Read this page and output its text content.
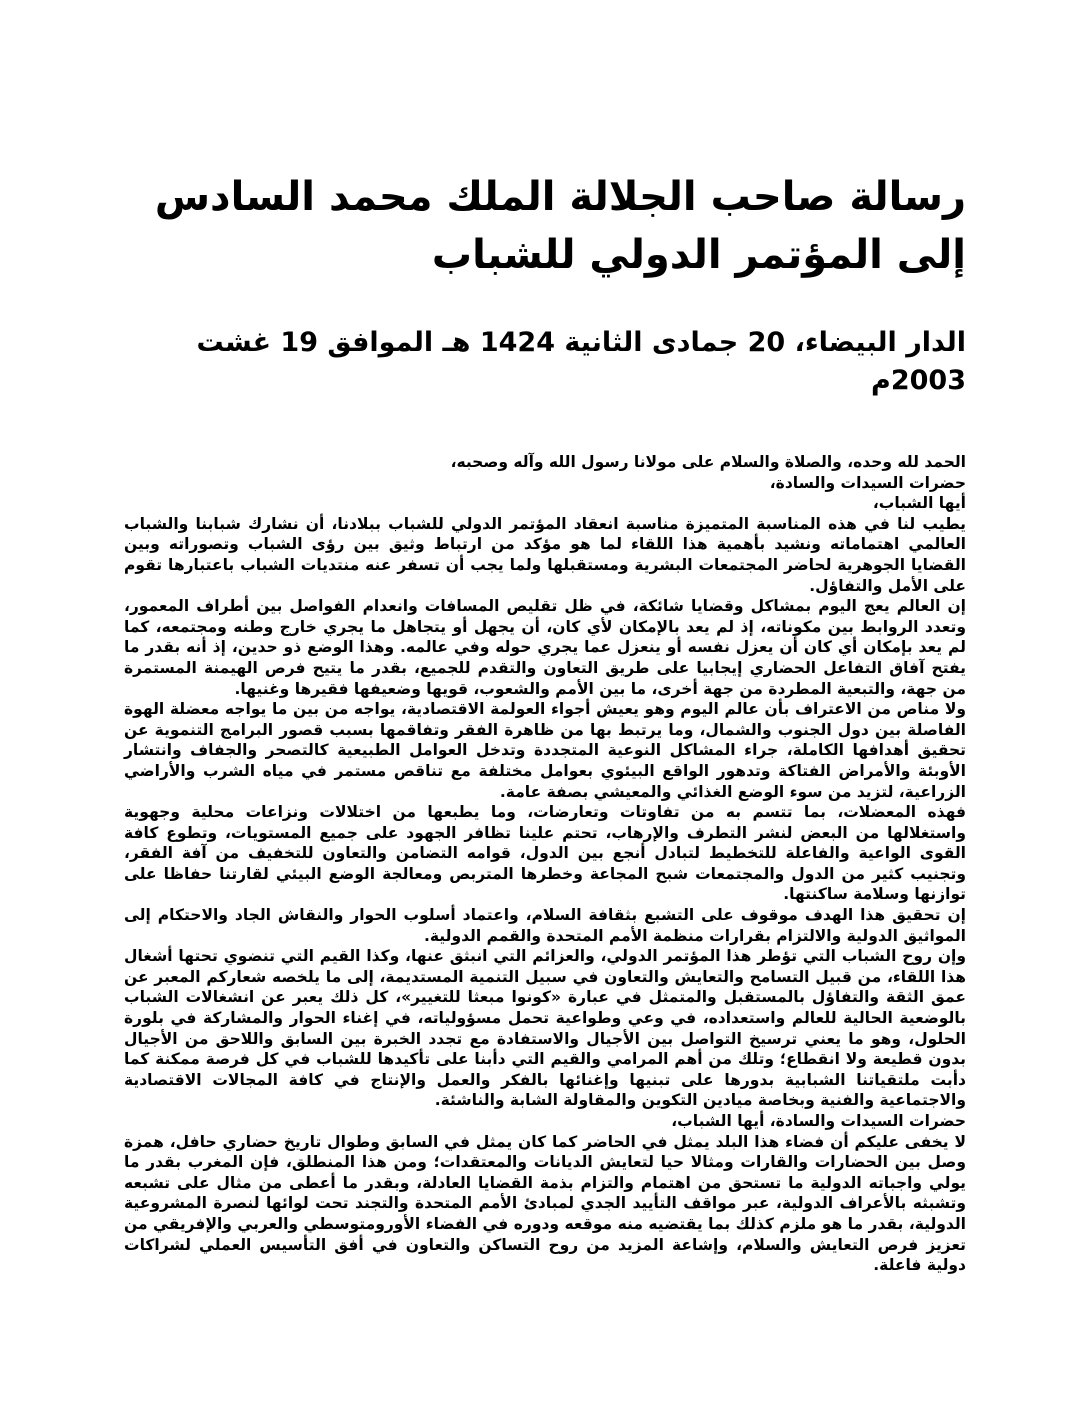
رسالة صاحب الجلالة الملك محمد السادس إلى المؤتمر الدولي للشباب
الدار البيضاء، 20 جمادى الثانية 1424 هـ الموافق 19 غشت 2003م

الحمد لله وحده، والصلاة والسلام على مولانا رسول الله وآله وصحبه،

حضرات السيدات والسادة،

أيها الشباب،

يطيب لنا في هذه المناسبة المتميزة مناسبة انعقاد المؤتمر الدولي للشباب ببلادنا، أن نشارك شبابنا والشباب العالمي اهتماماته ونشيد بأهمية هذا اللقاء لما هو مؤكد من ارتباط وثيق بين رؤى الشباب وتصوراته وبين القضايا الجوهرية لحاضر المجتمعات البشرية ومستقبلها ولما يجب أن تسفر عنه منتديات الشباب باعتبارها تقوم على الأمل والتفاؤل.

إن العالم يعج اليوم بمشاكل وقضايا شائكة، في ظل تقليص المسافات وانعدام الفواصل بين أطراف المعمور، وتعدد الروابط بين مكوناته، إذ لم يعد بالإمكان لأي كان، أن يجهل أو يتجاهل ما يجري خارج وطنه ومجتمعه، كما لم يعد بإمكان أي كان أن يعزل نفسه أو ينعزل عما يجري حوله وفي عالمه. وهذا الوضع ذو حدين، إذ أنه بقدر ما يفتح آفاق التفاعل الحضاري إيجابيا على طريق التعاون والتقدم للجميع، بقدر ما يتيح فرص الهيمنة المستمرة من جهة، والتبعية المطردة من جهة أخرى، ما بين الأمم والشعوب، قويها وضعيفها فقيرها وغنيها.

ولا مناص من الاعتراف بأن عالم اليوم وهو يعيش أجواء العولمة الاقتصادية، يواجه من بين ما يواجه معضلة الهوة الفاصلة بين دول الجنوب والشمال، وما يرتبط بها من ظاهرة الفقر وتفاقمها بسبب قصور البرامج التنموية عن تحقيق أهدافها الكاملة، جراء المشاكل النوعية المتجددة وتدخل العوامل الطبيعية كالتصحر والجفاف وانتشار الأوبئة والأمراض الفتاكة وتدهور الواقع البيئوي بعوامل مختلفة مع تناقص مستمر في مياه الشرب والأراضي الزراعية، لتزيد من سوء الوضع الغذائي والمعيشي بصفة عامة.

فهذه المعضلات، بما تتسم به من تفاوتات وتعارضات، وما يطبعها من اختلالات ونزاعات محلية وجهوية واستغلالها من البعض لنشر التطرف والإرهاب، تحتم علينا تظافر الجهود على جميع المستويات، وتطوع كافة القوى الواعية والفاعلة للتخطيط لتبادل أنجع بين الدول، قوامه التضامن والتعاون للتخفيف من آفة الفقر، وتجنيب كثير من الدول والمجتمعات شبح المجاعة وخطرها المتربص ومعالجة الوضع البيئي لقارتنا حفاظا على توازنها وسلامة ساكنتها.

إن تحقيق هذا الهدف موقوف على التشبع بثقافة السلام، واعتماد أسلوب الحوار والنقاش الجاد والاحتكام إلى المواثيق الدولية والالتزام بقرارات منظمة الأمم المتحدة والقمم الدولية.

وإن روح الشباب التي تؤطر هذا المؤتمر الدولي، والعزائم التي انبثق عنها، وكذا القيم التي تنضوي تحتها أشغال هذا اللقاء، من قبيل التسامح والتعايش والتعاون في سبيل التنمية المستديمة، إلى ما يلخصه شعاركم المعبر عن عمق الثقة والتفاؤل بالمستقبل والمتمثل في عبارة «كونوا مبعثا للتغيير»، كل ذلك يعبر عن انشغالات الشباب بالوضعية الحالية للعالم واستعداده، في وعي وطواعية تحمل مسؤولياته، في إغناء الحوار والمشاركة في بلورة الحلول، وهو ما يعني ترسيخ التواصل بين الأجيال والاستفادة مع تجدد الخبرة بين السابق واللاحق من الأجيال بدون قطيعة ولا انقطاع؛ وتلك من أهم المرامي والقيم التي دأبنا على تأكيدها للشباب في كل فرصة ممكنة كما دأبت ملتقياتنا الشبابية بدورها على تبنيها وإغنائها بالفكر والعمل والإنتاج في كافة المجالات الاقتصادية والاجتماعية والفنية وبخاصة ميادين التكوين والمقاولة الشابة والناشئة.

حضرات السيدات والسادة، أيها الشباب،

لا يخفى عليكم أن فضاء هذا البلد يمثل في الحاضر كما كان يمثل في السابق وطوال تاريخ حضاري حافل، همزة وصل بين الحضارات والقارات ومثالا حيا لتعايش الديانات والمعتقدات؛ ومن هذا المنطلق، فإن المغرب بقدر ما يولي واجباته الدولية ما تستحق من اهتمام والتزام بذمة القضايا العادلة، وبقدر ما أعطى من مثال على تشبعه وتشبثه بالأعراف الدولية، عبر مواقف التأييد الجدي لمبادئ الأمم المتحدة والتجند تحت لوائها لنصرة المشروعية الدولية، بقدر ما هو ملزم كذلك بما يقتضيه منه موقعه ودوره في الفضاء الأورومتوسطي والعربي والإفريقي من تعزيز فرص التعايش والسلام، وإشاعة المزيد من روح التساكن والتعاون في أفق التأسيس العملي لشراكات دولية فاعلة.
